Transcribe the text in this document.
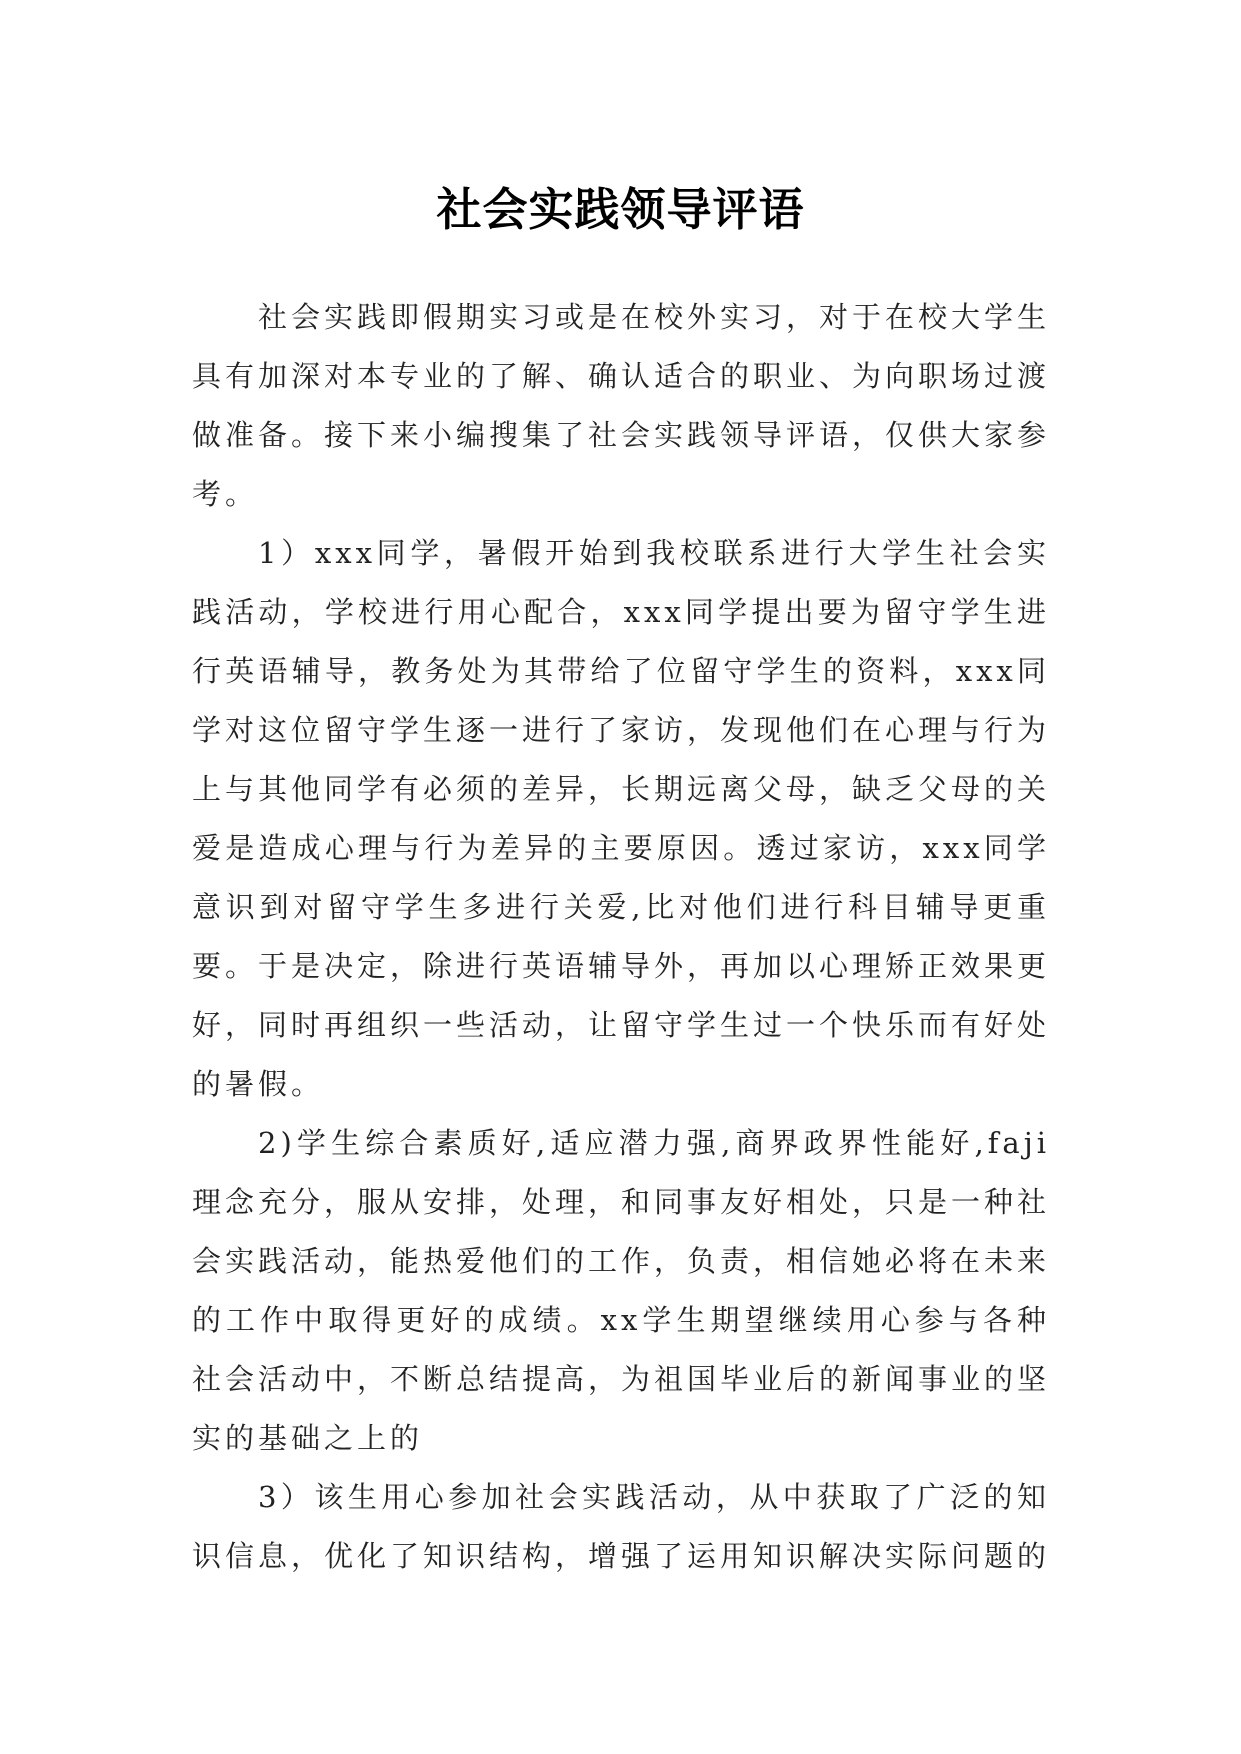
社会实践领导评语

社会实践即假期实习或是在校外实习，对于在校大学生具有加深对本专业的了解、确认适合的职业、为向职场过渡做准备。接下来小编搜集了社会实践领导评语，仅供大家参考。

1）xxx同学，暑假开始到我校联系进行大学生社会实践活动，学校进行用心配合，xxx同学提出要为留守学生进行英语辅导，教务处为其带给了位留守学生的资料，xxx同学对这位留守学生逐一进行了家访，发现他们在心理与行为上与其他同学有必须的差异，长期远离父母，缺乏父母的关爱是造成心理与行为差异的主要原因。透过家访，xxx同学意识到对留守学生多进行关爱,比对他们进行科目辅导更重要。于是决定，除进行英语辅导外，再加以心理矫正效果更好，同时再组织一些活动，让留守学生过一个快乐而有好处的暑假。

2)学生综合素质好,适应潜力强,商界政界性能好,faji理念充分，服从安排，处理，和同事友好相处，只是一种社会实践活动，能热爱他们的工作，负责，相信她必将在未来的工作中取得更好的成绩。xx学生期望继续用心参与各种社会活动中，不断总结提高，为祖国毕业后的新闻事业的坚实的基础之上的

3）该生用心参加社会实践活动，从中获取了广泛的知识信息，优化了知识结构，增强了运用知识解决实际问题的
